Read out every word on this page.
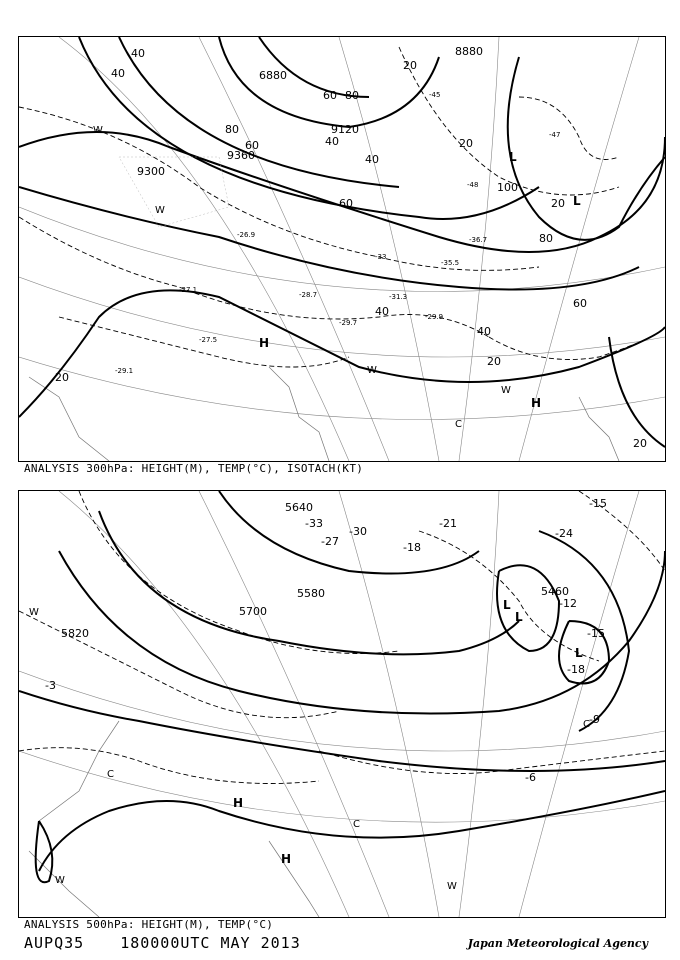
8880
6880
9120
9360
9300
40
40
60 80
20
40
60
80
20
40
60
80
20
40
60
20
40
20
20
100
-45
-47
-48
-36.7
-35.5
-33
-31.3
-29.9
-29.7
-28.7
-27.1
-27.5
-29.1
-26.9
L
L
H
H
W
W
W
W
C
ANALYSIS 300hPa: HEIGHT(M), TEMP(°C), ISOTACH(KT)
5640
5580
5700
5820
5460
-33
-30
-27
-24
-21
-18
-15
-12
-9
-6
-3
-18
-15
L
L
L
H
H
W
W
W
C
C
C
ANALYSIS 500hPa: HEIGHT(M), TEMP(°C)
AUPQ35 180000UTC MAY 2013	Japan Meteorological Agency
